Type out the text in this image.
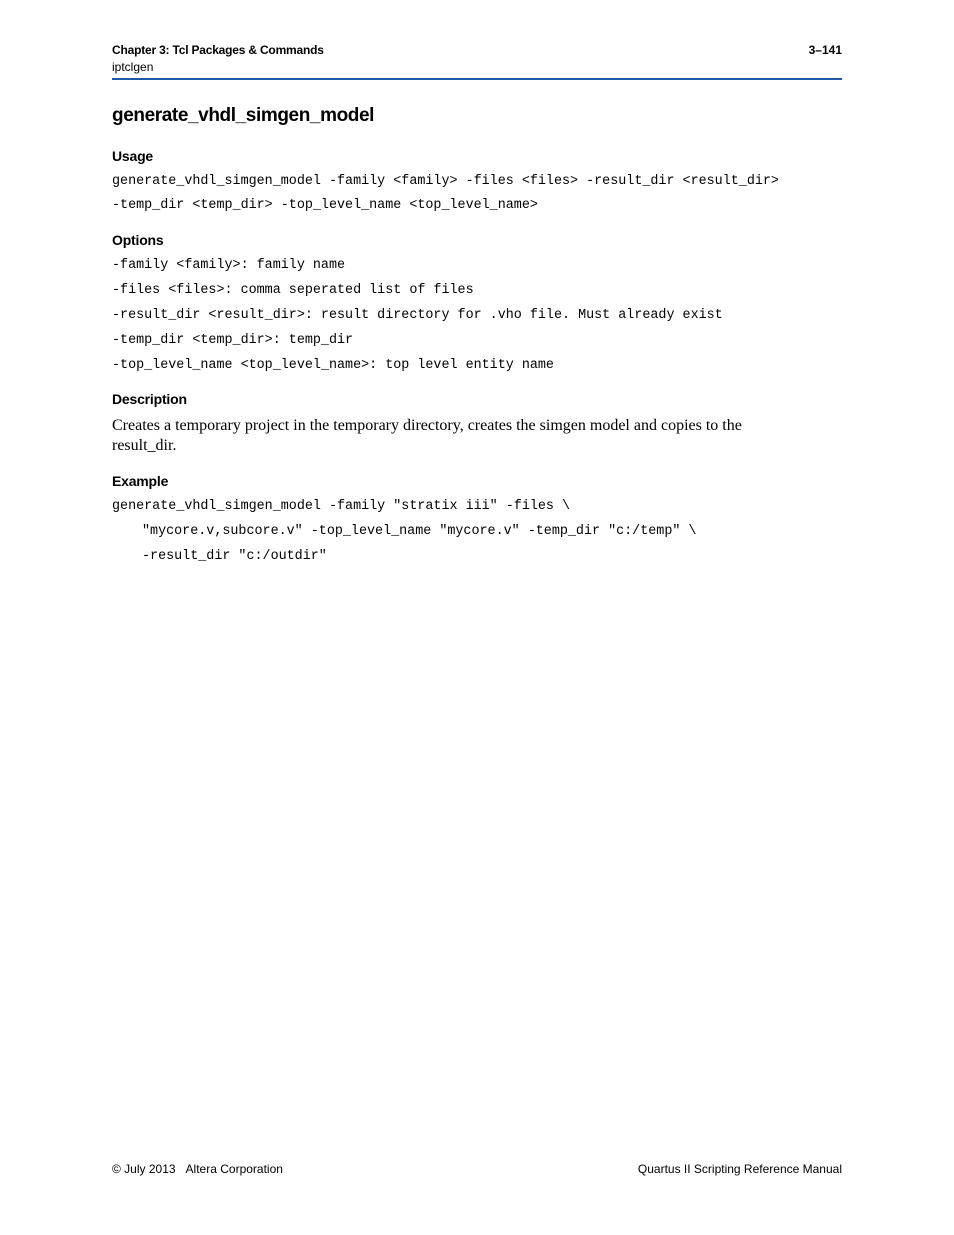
Chapter 3: Tcl Packages & Commands
iptclgen
3–141
generate_vhdl_simgen_model
Usage
generate_vhdl_simgen_model -family <family> -files <files> -result_dir <result_dir>
-temp_dir <temp_dir> -top_level_name <top_level_name>
Options
-family <family>: family name
-files <files>: comma seperated list of files
-result_dir <result_dir>: result directory for .vho file. Must already exist
-temp_dir <temp_dir>: temp_dir
-top_level_name <top_level_name>: top level entity name
Description

Creates a temporary project in the temporary directory, creates the simgen model and copies to the result_dir.

Example
generate_vhdl_simgen_model -family "stratix iii" -files \
"mycore.v,subcore.v" -top_level_name "mycore.v" -temp_dir "c:/temp" \
-result_dir "c:/outdir"
© July 2013 Altera Corporation	Quartus II Scripting Reference Manual
